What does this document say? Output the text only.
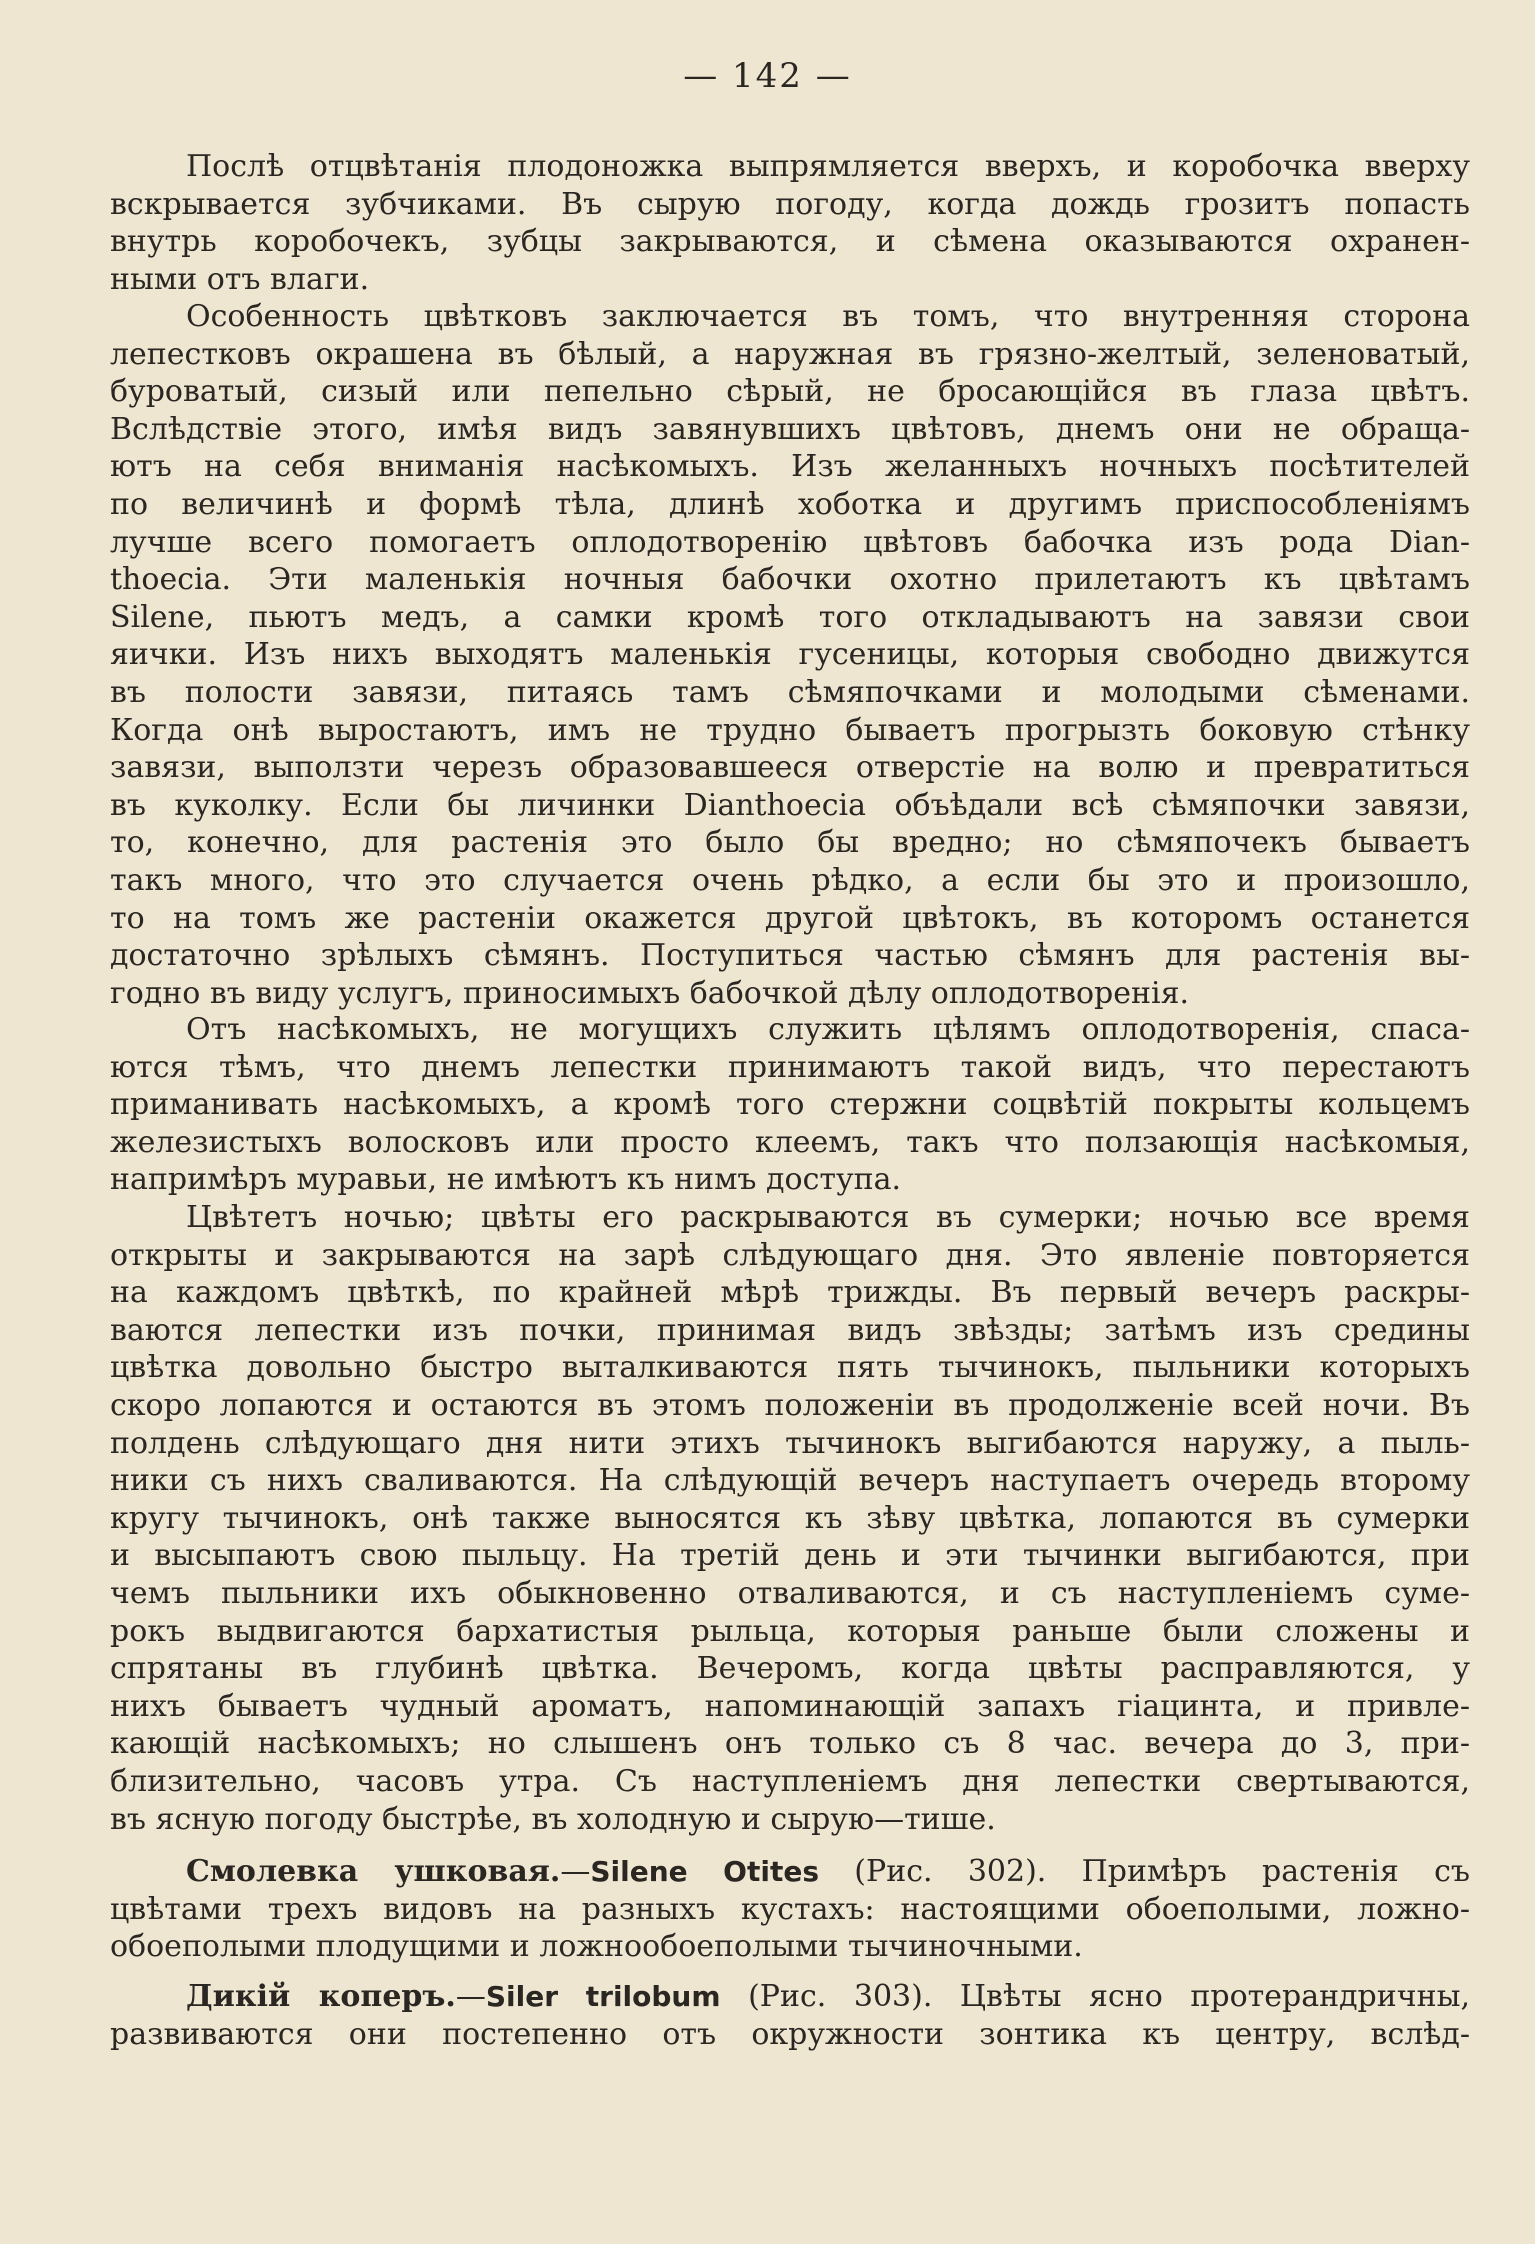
— 142 —
Послѣ отцвѣтанія плодоножка выпрямляется вверхъ, и коробочка вверху
вскрывается зубчиками. Въ сырую погоду, когда дождь грозитъ попасть
внутрь коробочекъ, зубцы закрываются, и сѣмена оказываются охранен-
ными отъ влаги.
Особенность цвѣтковъ заключается въ томъ, что внутренняя сторона
лепестковъ окрашена въ бѣлый, а наружная въ грязно-желтый, зеленоватый,
буроватый, сизый или пепельно сѣрый, не бросающійся въ глаза цвѣтъ.
Вслѣдствіе этого, имѣя видъ завянувшихъ цвѣтовъ, днемъ они не обраща-
ютъ на себя вниманія насѣкомыхъ. Изъ желанныхъ ночныхъ посѣтителей
по величинѣ и формѣ тѣла, длинѣ хоботка и другимъ приспособленіямъ
лучше всего помогаетъ оплодотворенію цвѣтовъ бабочка изъ рода Dian-
thoecia. Эти маленькія ночныя бабочки охотно прилетаютъ къ цвѣтамъ
Silene, пьютъ медъ, а самки кромѣ того откладываютъ на завязи свои
яички. Изъ нихъ выходятъ маленькія гусеницы, которыя свободно движутся
въ полости завязи, питаясь тамъ сѣмяпочками и молодыми сѣменами.
Когда онѣ выростаютъ, имъ не трудно бываетъ прогрызть боковую стѣнку
завязи, выползти черезъ образовавшееся отверстіе на волю и превратиться
въ куколку. Если бы личинки Dianthoecia объѣдали всѣ сѣмяпочки завязи,
то, конечно, для растенія это было бы вредно; но сѣмяпочекъ бываетъ
такъ много, что это случается очень рѣдко, а если бы это и произошло,
то на томъ же растеніи окажется другой цвѣтокъ, въ которомъ останется
достаточно зрѣлыхъ сѣмянъ. Поступиться частью сѣмянъ для растенія вы-
годно въ виду услугъ, приносимыхъ бабочкой дѣлу оплодотворенія.
Отъ насѣкомыхъ, не могущихъ служить цѣлямъ оплодотворенія, спаса-
ются тѣмъ, что днемъ лепестки принимаютъ такой видъ, что перестаютъ
приманивать насѣкомыхъ, а кромѣ того стержни соцвѣтій покрыты кольцемъ
железистыхъ волосковъ или просто клеемъ, такъ что ползающія насѣкомыя,
напримѣръ муравьи, не имѣютъ къ нимъ доступа.
Цвѣтетъ ночью; цвѣты его раскрываются въ сумерки; ночью все время
открыты и закрываются на зарѣ слѣдующаго дня. Это явленіе повторяется
на каждомъ цвѣткѣ, по крайней мѣрѣ трижды. Въ первый вечеръ раскры-
ваются лепестки изъ почки, принимая видъ звѣзды; затѣмъ изъ средины
цвѣтка довольно быстро выталкиваются пять тычинокъ, пыльники которыхъ
скоро лопаются и остаются въ этомъ положеніи въ продолженіе всей ночи. Въ
полдень слѣдующаго дня нити этихъ тычинокъ выгибаются наружу, а пыль-
ники съ нихъ сваливаются. На слѣдующій вечеръ наступаетъ очередь второму
кругу тычинокъ, онѣ также выносятся къ зѣву цвѣтка, лопаются въ сумерки
и высыпаютъ свою пыльцу. На третій день и эти тычинки выгибаются, при
чемъ пыльники ихъ обыкновенно отваливаются, и съ наступленіемъ суме-
рокъ выдвигаются бархатистыя рыльца, которыя раньше были сложены и
спрятаны въ глубинѣ цвѣтка. Вечеромъ, когда цвѣты расправляются, у
нихъ бываетъ чудный ароматъ, напоминающій запахъ гіацинта, и привле-
кающій насѣкомыхъ; но слышенъ онъ только съ 8 час. вечера до 3, при-
близительно, часовъ утра. Съ наступленіемъ дня лепестки свертываются,
въ ясную погоду быстрѣе, въ холодную и сырую—тише.
Смолевка ушковая.—Silene Otites (Рис. 302). Примѣръ растенія съ
цвѣтами трехъ видовъ на разныхъ кустахъ: настоящими обоеполыми, ложно-
обоеполыми плодущими и ложнообоеполыми тычиночными.
Дикій коперъ.—Siler trilobum (Рис. 303). Цвѣты ясно протерандричны,
развиваются они постепенно отъ окружности зонтика къ центру, вслѣд-
